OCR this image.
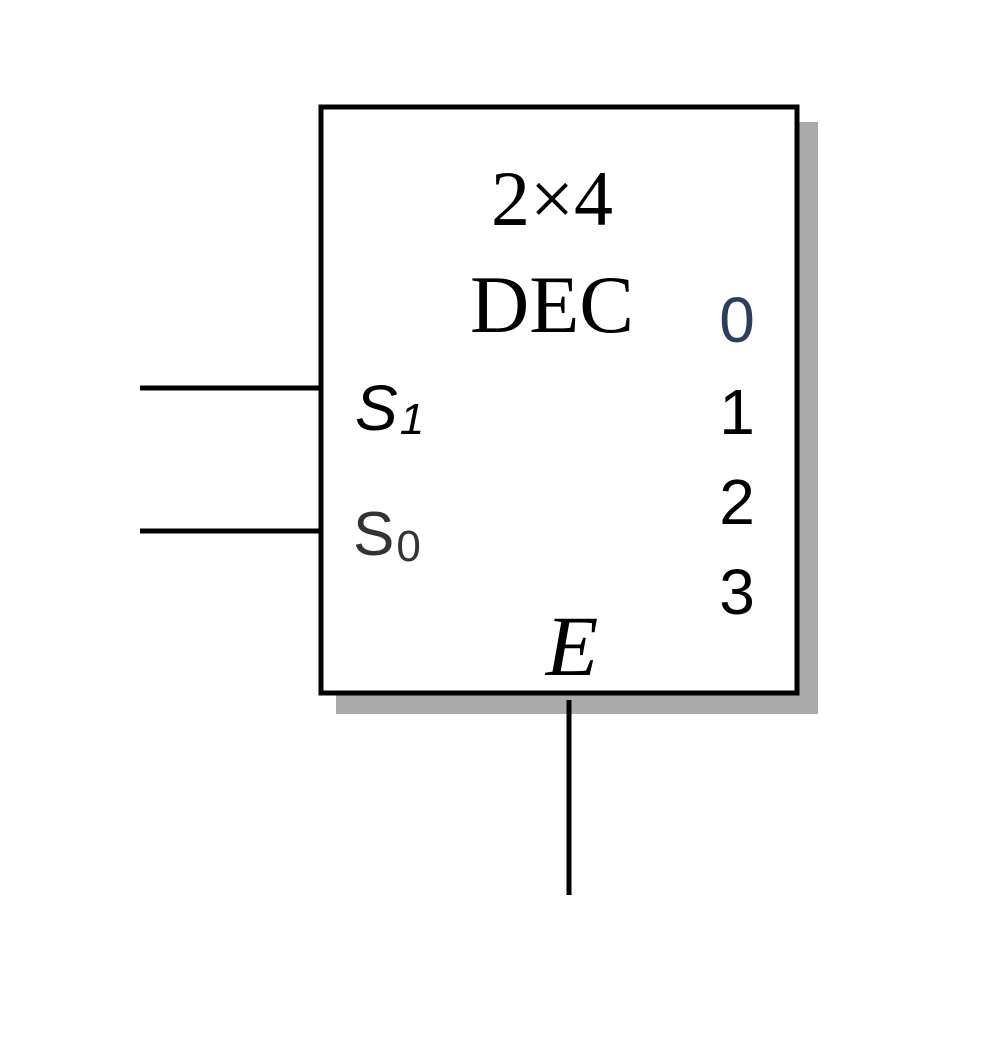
2×4
DEC
S1
S0
0
1
2
3
E
